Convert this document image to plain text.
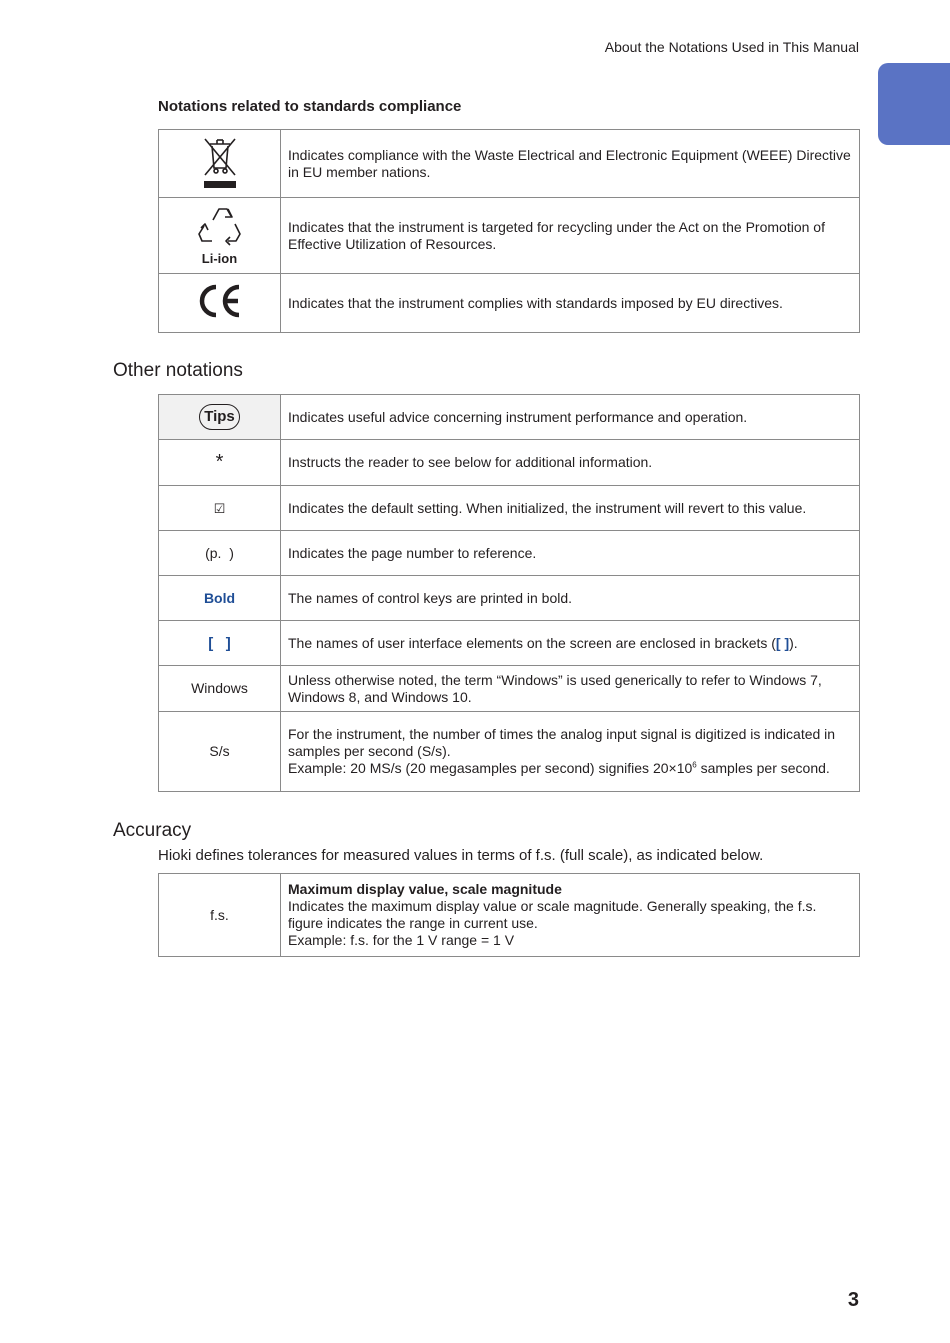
About the Notations Used in This Manual
Notations related to standards compliance
	Indicates compliance with the Waste Electrical and Electronic Equipment (WEEE) Directive in EU member nations.

Li-ion	Indicates that the instrument is targeted for recycling under the Act on the Promotion of Effective Utilization of Resources.
	Indicates that the instrument complies with standards imposed by EU directives.
Other notations
Tips	Indicates useful advice concerning instrument performance and operation.
*	Instructs the reader to see below for additional information.
☑	Indicates the default setting. When initialized, the instrument will revert to this value.
(p.  )	Indicates the page number to reference.
Bold	The names of control keys are printed in bold.
[   ]	The names of user interface elements on the screen are enclosed in brackets ([ ]).
Windows	Unless otherwise noted, the term “Windows” is used generically to refer to Windows 7, Windows 8, and Windows 10.
S/s	For the instrument, the number of times the analog input signal is digitized is indicated in samples per second (S/s).
Example: 20 MS/s (20 megasamples per second) signifies $20\times 10^6$ samples per second.
Accuracy
Hioki defines tolerances for measured values in terms of f.s. (full scale), as indicated below.
f.s.	Maximum display value, scale magnitude
Indicates the maximum display value or scale magnitude. Generally speaking, the f.s. figure indicates the range in current use.
Example: f.s. for the 1 V range = 1 V
3
